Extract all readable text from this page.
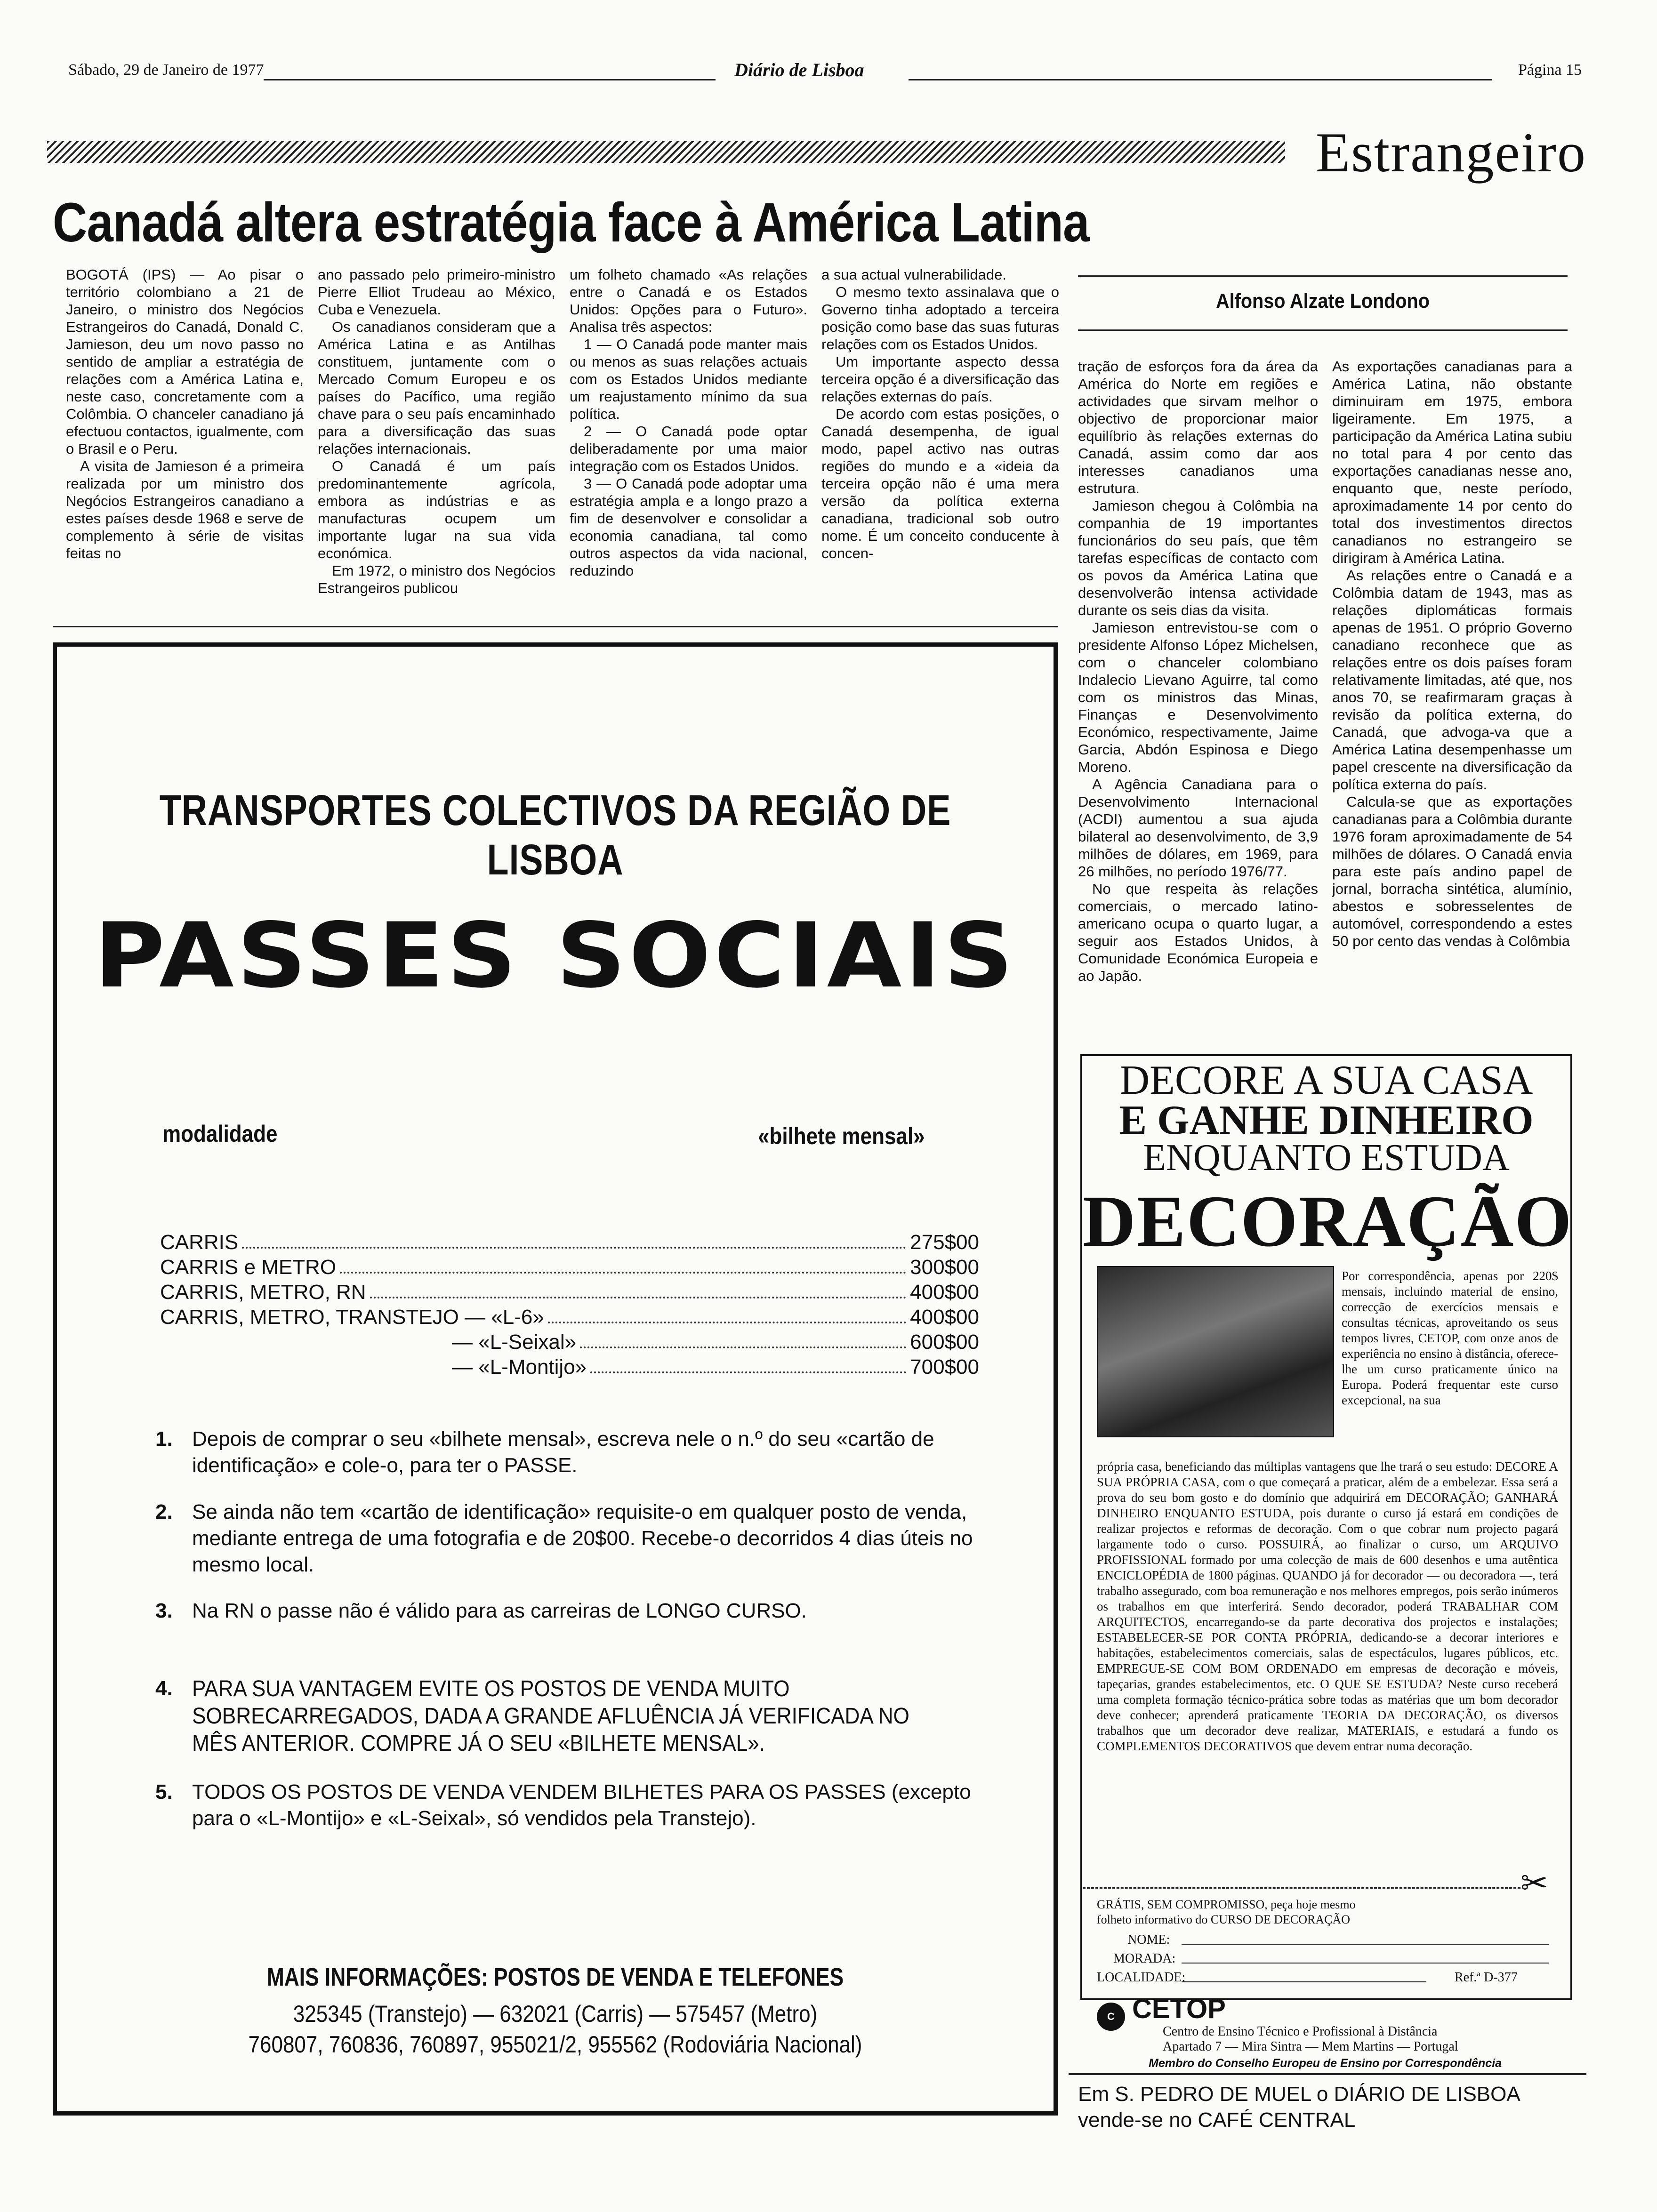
Sábado, 29 de Janeiro de 1977	Diário de Lisboa	Página 15
Estrangeiro
Canadá altera estratégia face à América Latina

BOGOTÁ (IPS) — Ao pisar o território colombiano a 21 de Janeiro, o ministro dos Negócios Estrangeiros do Canadá, Donald C. Jamieson, deu um novo passo no sentido de ampliar a estratégia de relações com a América Latina e, neste caso, concretamente com a Colômbia. O chanceler canadiano já efectuou contactos, igualmente, com o Brasil e o Peru.

A visita de Jamieson é a primeira realizada por um ministro dos Negócios Estrangeiros canadiano a estes países desde 1968 e serve de complemento à série de visitas feitas no

ano passado pelo primeiro-ministro Pierre Elliot Trudeau ao México, Cuba e Venezuela.

Os canadianos consideram que a América Latina e as Antilhas constituem, juntamente com o Mercado Comum Europeu e os países do Pacífico, uma região chave para o seu país encaminhado para a diversificação das suas relações internacionais.

O Canadá é um país predominantemente agrícola, embora as indústrias e as manufacturas ocupem um importante lugar na sua vida económica.

Em 1972, o ministro dos Negócios Estrangeiros publicou

um folheto chamado «As relações entre o Canadá e os Estados Unidos: Opções para o Futuro». Analisa três aspectos:

1 — O Canadá pode manter mais ou menos as suas relações actuais com os Estados Unidos mediante um reajustamento mínimo da sua política.

2 — O Canadá pode optar deliberadamente por uma maior integração com os Estados Unidos.

3 — O Canadá pode adoptar uma estratégia ampla e a longo prazo a fim de desenvolver e consolidar a economia canadiana, tal como outros aspectos da vida nacional, reduzindo

a sua actual vulnerabilidade.

O mesmo texto assinalava que o Governo tinha adoptado a terceira posição como base das suas futuras relações com os Estados Unidos.

Um importante aspecto dessa terceira opção é a diversificação das relações externas do país.

De acordo com estas posições, o Canadá desempenha, de igual modo, papel activo nas outras regiões do mundo e a «ideia da terceira opção não é uma mera versão da política externa canadiana, tradicional sob outro nome. É um conceito conducente à concen-

Alfonso Alzate Londono

tração de esforços fora da área da América do Norte em regiões e actividades que sirvam melhor o objectivo de proporcionar maior equilíbrio às relações externas do Canadá, assim como dar aos interesses canadianos uma estrutura.

Jamieson chegou à Colômbia na companhia de 19 importantes funcionários do seu país, que têm tarefas específicas de contacto com os povos da América Latina que desenvolverão intensa actividade durante os seis dias da visita.

Jamieson entrevistou-se com o presidente Alfonso López Michelsen, com o chanceler colombiano Indalecio Lievano Aguirre, tal como com os ministros das Minas, Finanças e Desenvolvimento Económico, respectivamente, Jaime Garcia, Abdón Espinosa e Diego Moreno.

A Agência Canadiana para o Desenvolvimento Internacional (ACDI) aumentou a sua ajuda bilateral ao desenvolvimento, de 3,9 milhões de dólares, em 1969, para 26 milhões, no período 1976/77.

No que respeita às relações comerciais, o mercado latino-americano ocupa o quarto lugar, a seguir aos Estados Unidos, à Comunidade Económica Europeia e ao Japão.

As exportações canadianas para a América Latina, não obstante diminuiram em 1975, embora ligeiramente. Em 1975, a participação da América Latina subiu no total para 4 por cento das exportações canadianas nesse ano, enquanto que, neste período, aproximadamente 14 por cento do total dos investimentos directos canadianos no estrangeiro se dirigiram à América Latina.

As relações entre o Canadá e a Colômbia datam de 1943, mas as relações diplomáticas formais apenas de 1951. O próprio Governo canadiano reconhece que as relações entre os dois países foram relativamente limitadas, até que, nos anos 70, se reafirmaram graças à revisão da política externa, do Canadá, que advoga-va que a América Latina desempenhasse um papel crescente na diversificação da política externa do país.

Calcula-se que as exportações canadianas para a Colômbia durante 1976 foram aproximadamente de 54 milhões de dólares. O Canadá envia para este país andino papel de jornal, borracha sintética, alumínio, abestos e sobresselentes de automóvel, correspondendo a estes 50 por cento das vendas à Colômbia

TRANSPORTES COLECTIVOS DA REGIÃO DE LISBOA
PASSES SOCIAIS
modalidade	«bilhete mensal»
CARRIS	275$00
CARRIS e METRO	300$00
CARRIS, METRO, RN	400$00
CARRIS, METRO, TRANSTEJO — «L-6»	400$00
— «L-Seixal»	600$00
— «L-Montijo»	700$00
1. Depois de comprar o seu «bilhete mensal», escreva nele o n.º do seu «cartão de identificação» e cole-o, para ter o PASSE.
2. Se ainda não tem «cartão de identificação» requisite-o em qualquer posto de venda, mediante entrega de uma fotografia e de 20$00. Recebe-o decorridos 4 dias úteis no mesmo local.
3. Na RN o passe não é válido para as carreiras de LONGO CURSO.
4. PARA SUA VANTAGEM EVITE OS POSTOS DE VENDA MUITO SOBRECARREGADOS, DADA A GRANDE AFLUÊNCIA JÁ VERIFICADA NO MÊS ANTERIOR. COMPRE JÁ O SEU «BILHETE MENSAL».
5. TODOS OS POSTOS DE VENDA VENDEM BILHETES PARA OS PASSES (excepto para o «L-Montijo» e «L-Seixal», só vendidos pela Transtejo).
MAIS INFORMAÇÕES: POSTOS DE VENDA E TELEFONES
325345 (Transtejo) — 632021 (Carris) — 575457 (Metro)
760807, 760836, 760897, 955021/2, 955562 (Rodoviária Nacional)
DECORE A SUA CASA
E GANHE DINHEIRO
ENQUANTO ESTUDA
DECORAÇÃO
Por correspondência, apenas por 220$ mensais, incluindo material de ensino, correcção de exercícios mensais e consultas técnicas, aproveitando os seus tempos livres, CETOP, com onze anos de experiência no ensino à distância, oferece-lhe um curso praticamente único na Europa. Poderá frequentar este curso excepcional, na sua
própria casa, beneficiando das múltiplas vantagens que lhe trará o seu estudo: DECORE A SUA PRÓPRIA CASA, com o que começará a praticar, além de a embelezar. Essa será a prova do seu bom gosto e do domínio que adquirirá em DECORAÇÃO; GANHARÁ DINHEIRO ENQUANTO ESTUDA, pois durante o curso já estará em condições de realizar projectos e reformas de decoração. Com o que cobrar num projecto pagará largamente todo o curso. POSSUIRÁ, ao finalizar o curso, um ARQUIVO PROFISSIONAL formado por uma colecção de mais de 600 desenhos e uma autêntica ENCICLOPÉDIA de 1800 páginas. QUANDO já for decorador — ou decoradora —, terá trabalho assegurado, com boa remuneração e nos melhores empregos, pois serão inúmeros os trabalhos em que interferirá. Sendo decorador, poderá TRABALHAR COM ARQUITECTOS, encarregando-se da parte decorativa dos projectos e instalações; ESTABELECER-SE POR CONTA PRÓPRIA, dedicando-se a decorar interiores e habitações, estabelecimentos comerciais, salas de espectáculos, lugares públicos, etc. EMPREGUE-SE COM BOM ORDENADO em empresas de decoração e móveis, tapeçarias, grandes estabelecimentos, etc. O QUE SE ESTUDA? Neste curso receberá uma completa formação técnico-prática sobre todas as matérias que um bom decorador deve conhecer; aprenderá praticamente TEORIA DA DECORAÇÃO, os diversos trabalhos que um decorador deve realizar, MATERIAIS, e estudará a fundo os COMPLEMENTOS DECORATIVOS que devem entrar numa decoração.
✂
GRÁTIS, SEM COMPROMISSO, peça hoje mesmo
folheto informativo do CURSO DE DECORAÇÃO
NOME:
MORADA:
LOCALIDADE:	Ref.ª D-377
C CETOP
Centro de Ensino Técnico e Profissional à Distância
Apartado 7 — Mira Sintra — Mem Martins — Portugal
Membro do Conselho Europeu de Ensino por Correspondência
Em S. PEDRO DE MUEL o DIÁRIO DE LISBOA
vende-se no CAFÉ CENTRAL
